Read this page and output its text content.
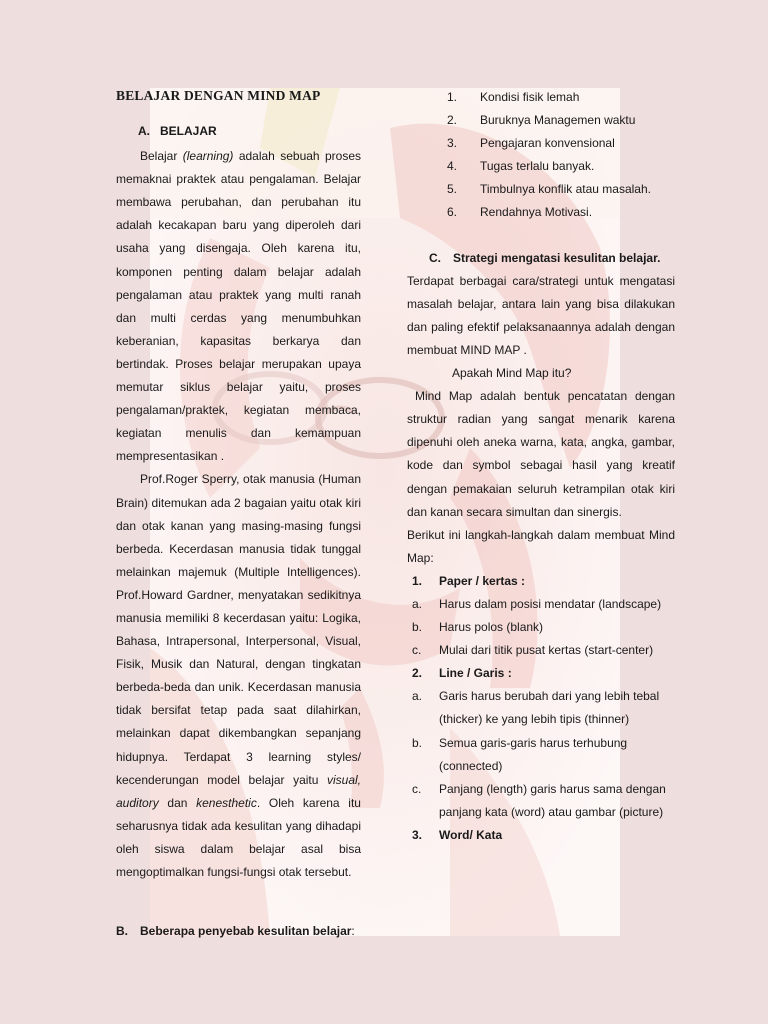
BELAJAR DENGAN MIND MAP
A. BELAJAR

Belajar (learning) adalah sebuah proses memaknai praktek atau pengalaman. Belajar membawa perubahan, dan perubahan itu adalah kecakapan baru yang diperoleh dari usaha yang disengaja. Oleh karena itu, komponen penting dalam belajar adalah pengalaman atau praktek yang multi ranah dan multi cerdas yang menumbuhkan keberanian, kapasitas berkarya dan bertindak. Proses belajar merupakan upaya memutar siklus belajar yaitu, proses pengalaman/praktek, kegiatan membaca, kegiatan menulis dan kemampuan mempresentasikan .

Prof.Roger Sperry, otak manusia (Human Brain) ditemukan ada 2 bagaian yaitu otak kiri dan otak kanan yang masing-masing fungsi berbeda. Kecerdasan manusia tidak tunggal melainkan majemuk (Multiple Intelligences). Prof.Howard Gardner, menyatakan sedikitnya manusia memiliki 8 kecerdasan yaitu: Logika, Bahasa, Intrapersonal, Interpersonal, Visual, Fisik, Musik dan Natural, dengan tingkatan berbeda-beda dan unik. Kecerdasan manusia tidak bersifat tetap pada saat dilahirkan, melainkan dapat dikembangkan sepanjang hidupnya. Terdapat 3 learning styles/ kecenderungan model belajar yaitu visual, auditory dan kenesthetic. Oleh karena itu seharusnya tidak ada kesulitan yang dihadapi oleh siswa dalam belajar asal bisa mengoptimalkan fungsi-fungsi otak tersebut.

B. Beberapa penyebab kesulitan belajar:
1. Kondisi fisik lemah
2. Buruknya Managemen waktu
3. Pengajaran konvensional
4. Tugas terlalu banyak.
5. Timbulnya konflik atau masalah.
6. Rendahnya Motivasi.
C. Strategi mengatasi kesulitan belajar.

Terdapat berbagai cara/strategi untuk mengatasi masalah belajar, antara lain yang bisa dilakukan dan paling efektif pelaksanaannya adalah dengan membuat MIND MAP .

Apakah Mind Map itu?

Mind Map adalah bentuk pencatatan dengan struktur radian yang sangat menarik karena dipenuhi oleh aneka warna, kata, angka, gambar, kode dan symbol sebagai hasil yang kreatif dengan pemakaian seluruh ketrampilan otak kiri dan kanan secara simultan dan sinergis.

Berikut ini langkah-langkah dalam membuat Mind Map:

1.	Paper / kertas :
a.	Harus dalam posisi mendatar (landscape)
b.	Harus polos (blank)
c.	Mulai dari titik pusat kertas (start-center)
2.	Line / Garis :
a.	Garis harus berubah dari yang lebih tebal (thicker) ke yang lebih tipis (thinner)
b.	Semua garis-garis harus terhubung (connected)
c.	Panjang (length) garis harus sama dengan panjang kata (word) atau gambar (picture)
3.	Word/ Kata
